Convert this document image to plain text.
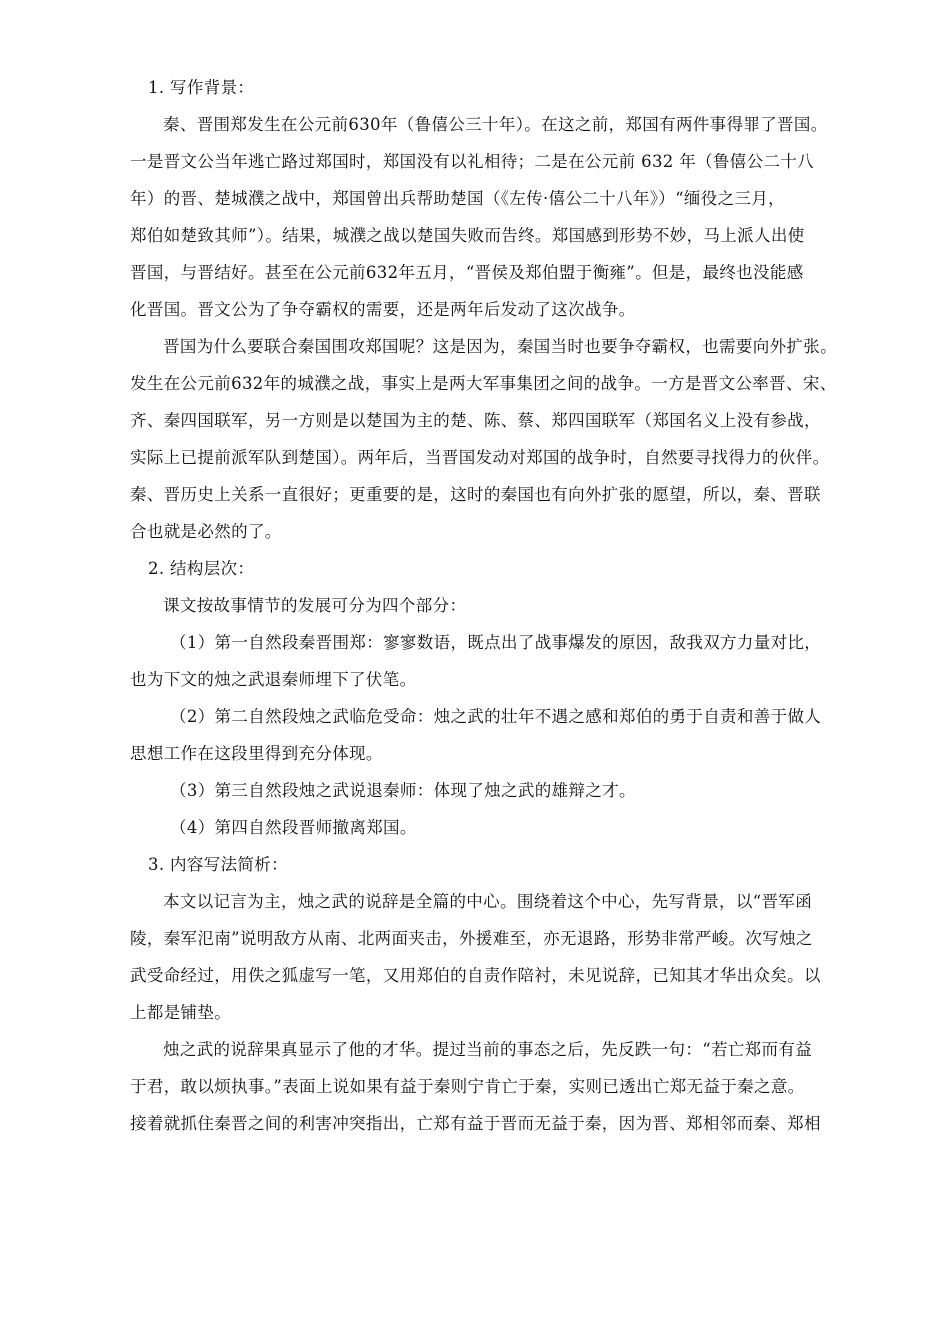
1. 写作背景：

秦、晋围郑发生在公元前630年（鲁僖公三十年）。在这之前，郑国有两件事得罪了晋国。

一是晋文公当年逃亡路过郑国时，郑国没有以礼相待；二是在公元前 632 年（鲁僖公二十八

年）的晋、楚城濮之战中，郑国曾出兵帮助楚国（《左传·僖公二十八年》）“缅役之三月，

郑伯如楚致其师”）。结果，城濮之战以楚国失败而告终。郑国感到形势不妙，马上派人出使

晋国，与晋结好。甚至在公元前632年五月，“晋侯及郑伯盟于衡雍”。但是，最终也没能感

化晋国。晋文公为了争夺霸权的需要，还是两年后发动了这次战争。

晋国为什么要联合秦国围攻郑国呢？这是因为，秦国当时也要争夺霸权，也需要向外扩张。

发生在公元前632年的城濮之战，事实上是两大军事集团之间的战争。一方是晋文公率晋、宋、

齐、秦四国联军，另一方则是以楚国为主的楚、陈、蔡、郑四国联军（郑国名义上没有参战，

实际上已提前派军队到楚国）。两年后，当晋国发动对郑国的战争时，自然要寻找得力的伙伴。

秦、晋历史上关系一直很好；更重要的是，这时的秦国也有向外扩张的愿望，所以，秦、晋联

合也就是必然的了。

2. 结构层次：

课文按故事情节的发展可分为四个部分：

（1）第一自然段秦晋围郑：寥寥数语，既点出了战事爆发的原因，敌我双方力量对比，

也为下文的烛之武退秦师埋下了伏笔。

（2）第二自然段烛之武临危受命：烛之武的壮年不遇之感和郑伯的勇于自责和善于做人

思想工作在这段里得到充分体现。

（3）第三自然段烛之武说退秦师：体现了烛之武的雄辩之才。

（4）第四自然段晋师撤离郑国。

3. 内容写法简析：

本文以记言为主，烛之武的说辞是全篇的中心。围绕着这个中心，先写背景，以“晋军函

陵，秦军氾南”说明敌方从南、北两面夹击，外援难至，亦无退路，形势非常严峻。次写烛之

武受命经过，用佚之狐虚写一笔，又用郑伯的自责作陪衬，未见说辞，已知其才华出众矣。以

上都是铺垫。

烛之武的说辞果真显示了他的才华。提过当前的事态之后，先反跌一句：“若亡郑而有益

于君，敢以烦执事。”表面上说如果有益于秦则宁肯亡于秦，实则已透出亡郑无益于秦之意。

接着就抓住秦晋之间的利害冲突指出，亡郑有益于晋而无益于秦，因为晋、郑相邻而秦、郑相
